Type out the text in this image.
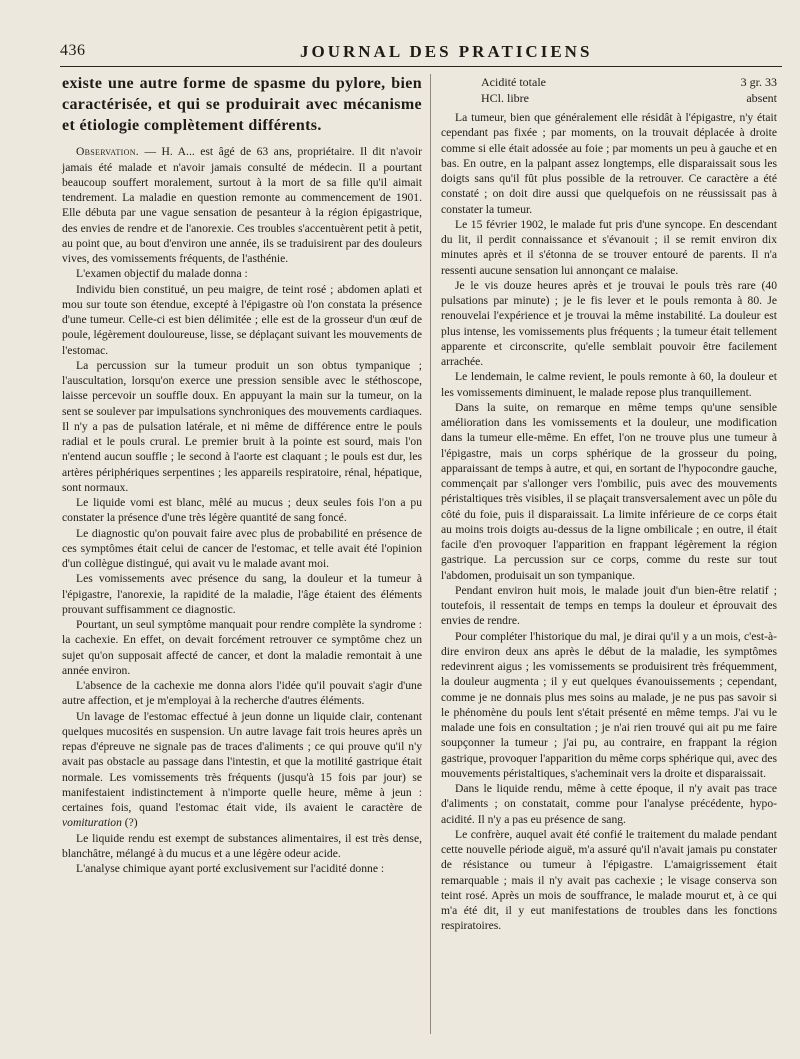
436	JOURNAL DES PRATICIENS

existe une autre forme de spasme du pylore, bien caractérisée, et qui se produirait avec mécanisme et étiologie complètement différents.

Observation. — H. A... est âgé de 63 ans, propriétaire. Il dit n'avoir jamais été malade et n'avoir jamais consulté de médecin. Il a pourtant beaucoup souffert moralement, surtout à la mort de sa fille qu'il aimait tendrement. La maladie en question remonte au commencement de 1901. Elle débuta par une vague sensation de pesanteur à la région épigastrique, des envies de rendre et de l'anorexie. Ces troubles s'accentuèrent petit à petit, au point que, au bout d'environ une année, ils se traduisirent par des douleurs vives, des vomissements fréquents, de l'asthénie.

L'examen objectif du malade donna :

Individu bien constitué, un peu maigre, de teint rosé ; abdomen aplati et mou sur toute son étendue, excepté à l'épigastre où l'on constata la présence d'une tumeur. Celle-ci est bien délimitée ; elle est de la grosseur d'un œuf de poule, légèrement douloureuse, lisse, se déplaçant suivant les mouvements de l'estomac.

La percussion sur la tumeur produit un son obtus tympanique ; l'auscultation, lorsqu'on exerce une pression sensible avec le stéthoscope, laisse percevoir un souffle doux. En appuyant la main sur la tumeur, on la sent se soulever par impulsations synchroniques des mouvements cardiaques. Il n'y a pas de pulsation latérale, et ni même de différence entre le pouls radial et le pouls crural. Le premier bruit à la pointe est sourd, mais l'on n'entend aucun souffle ; le second à l'aorte est claquant ; le pouls est dur, les artères périphériques serpentines ; les appareils respiratoire, rénal, hépatique, sont normaux.

Le liquide vomi est blanc, mêlé au mucus ; deux seules fois l'on a pu constater la présence d'une très légère quantité de sang foncé.

Le diagnostic qu'on pouvait faire avec plus de probabilité en présence de ces symptômes était celui de cancer de l'estomac, et telle avait été l'opinion d'un collègue distingué, qui avait vu le malade avant moi.

Les vomissements avec présence du sang, la douleur et la tumeur à l'épigastre, l'anorexie, la rapidité de la maladie, l'âge étaient des éléments prouvant suffisamment ce diagnostic.

Pourtant, un seul symptôme manquait pour rendre complète la syndrome : la cachexie. En effet, on devait forcément retrouver ce symptôme chez un sujet qu'on supposait affecté de cancer, et dont la maladie remontait à une année environ.

L'absence de la cachexie me donna alors l'idée qu'il pouvait s'agir d'une autre affection, et je m'employai à la recherche d'autres éléments.

Un lavage de l'estomac effectué à jeun donne un liquide clair, contenant quelques mucosités en suspension. Un autre lavage fait trois heures après un repas d'épreuve ne signale pas de traces d'aliments ; ce qui prouve qu'il n'y avait pas obstacle au passage dans l'intestin, et que la motilité gastrique était normale. Les vomissements très fréquents (jusqu'à 15 fois par jour) se manifestaient indistinctement à n'importe quelle heure, même à jeun : certaines fois, quand l'estomac était vide, ils avaient le caractère de vomituration (?)

Le liquide rendu est exempt de substances alimentaires, il est très dense, blanchâtre, mélangé à du mucus et a une légère odeur acide.

L'analyse chimique ayant porté exclusivement sur l'acidité donne :

Acidité totale	3 gr. 33
HCl. libre	absent

La tumeur, bien que généralement elle résidât à l'épigastre, n'y était cependant pas fixée ; par moments, on la trouvait déplacée à droite comme si elle était adossée au foie ; par moments un peu à gauche et en bas. En outre, en la palpant assez longtemps, elle disparaissait sous les doigts sans qu'il fût plus possible de la retrouver. Ce caractère a été constaté ; on doit dire aussi que quelquefois on ne réussissait pas à constater la tumeur.

Le 15 février 1902, le malade fut pris d'une syncope. En descendant du lit, il perdit connaissance et s'évanouit ; il se remit environ dix minutes après et il s'étonna de se trouver entouré de parents. Il n'a ressenti aucune sensation lui annonçant ce malaise.

Je le vis douze heures après et je trouvai le pouls très rare (40 pulsations par minute) ; je le fis lever et le pouls remonta à 80. Je renouvelai l'expérience et je trouvai la même instabilité. La douleur est plus intense, les vomissements plus fréquents ; la tumeur était tellement apparente et circonscrite, qu'elle semblait pouvoir être facilement arrachée.

Le lendemain, le calme revient, le pouls remonte à 60, la douleur et les vomissements diminuent, le malade repose plus tranquillement.

Dans la suite, on remarque en même temps qu'une sensible amélioration dans les vomissements et la douleur, une modification dans la tumeur elle-même. En effet, l'on ne trouve plus une tumeur à l'épigastre, mais un corps sphérique de la grosseur du poing, apparaissant de temps à autre, et qui, en sortant de l'hypocondre gauche, commençait par s'allonger vers l'ombilic, puis avec des mouvements péristaltiques très visibles, il se plaçait transversalement avec un pôle du côté du foie, puis il disparaissait. La limite inférieure de ce corps était au moins trois doigts au-dessus de la ligne ombilicale ; en outre, il était facile d'en provoquer l'apparition en frappant légèrement la région gastrique. La percussion sur ce corps, comme du reste sur tout l'abdomen, produisait un son tympanique.

Pendant environ huit mois, le malade jouit d'un bien-être relatif ; toutefois, il ressentait de temps en temps la douleur et éprouvait des envies de rendre.

Pour compléter l'historique du mal, je dirai qu'il y a un mois, c'est-à-dire environ deux ans après le début de la maladie, les symptômes redevinrent aigus ; les vomissements se produisirent très fréquemment, la douleur augmenta ; il y eut quelques évanouissements ; cependant, comme je ne donnais plus mes soins au malade, je ne pus pas savoir si le phénomène du pouls lent s'était présenté en même temps. J'ai vu le malade une fois en consultation ; je n'ai rien trouvé qui ait pu me faire soupçonner la tumeur ; j'ai pu, au contraire, en frappant la région gastrique, provoquer l'apparition du même corps sphérique qui, avec des mouvements péristaltiques, s'acheminait vers la droite et disparaissait.

Dans le liquide rendu, même à cette époque, il n'y avait pas trace d'aliments ; on constatait, comme pour l'analyse précédente, hypo-acidité. Il n'y a pas eu présence de sang.

Le confrère, auquel avait été confié le traitement du malade pendant cette nouvelle période aiguë, m'a assuré qu'il n'avait jamais pu constater de résistance ou tumeur à l'épigastre. L'amaigrissement était remarquable ; mais il n'y avait pas cachexie ; le visage conserva son teint rosé. Après un mois de souffrance, le malade mourut et, à ce qui m'a été dit, il y eut manifestations de troubles dans les fonctions respiratoires.
